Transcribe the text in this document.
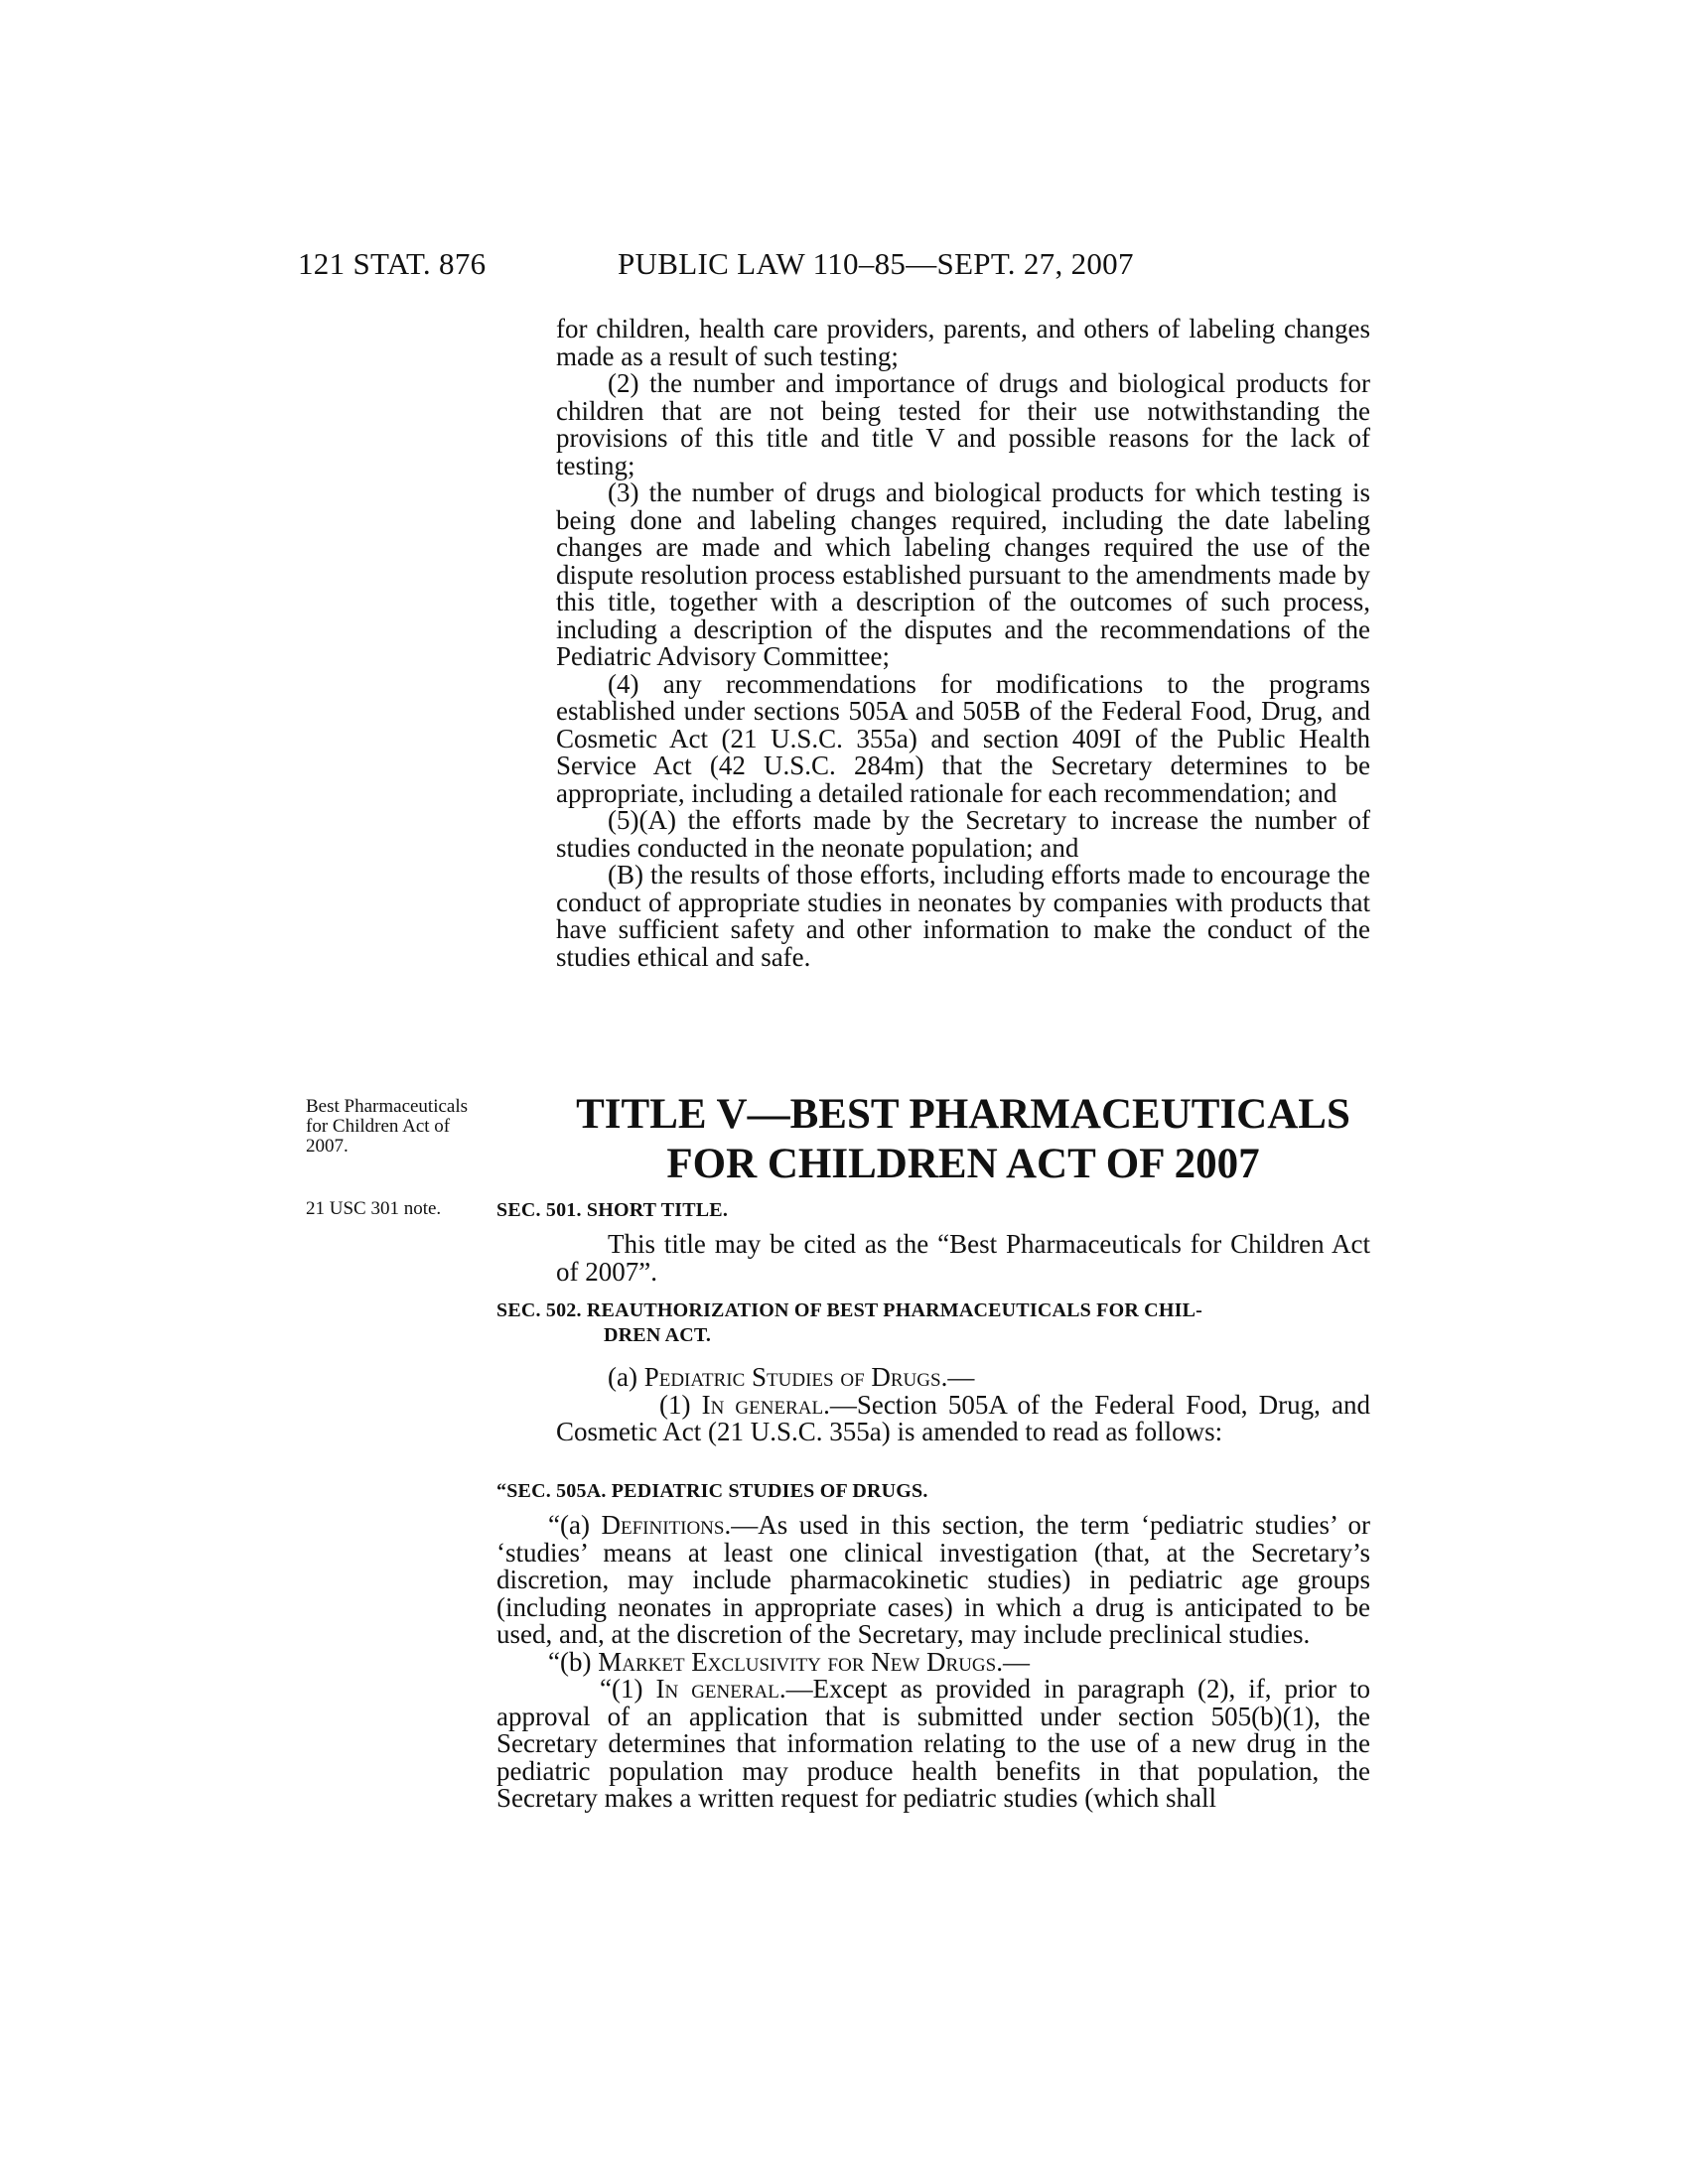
121 STAT. 876	PUBLIC LAW 110–85—SEPT. 27, 2007

for children, health care providers, parents, and others of labeling changes made as a result of such testing;

(2) the number and importance of drugs and biological products for children that are not being tested for their use notwithstanding the provisions of this title and title V and possible reasons for the lack of testing;

(3) the number of drugs and biological products for which testing is being done and labeling changes required, including the date labeling changes are made and which labeling changes required the use of the dispute resolution process established pursuant to the amendments made by this title, together with a description of the outcomes of such process, including a description of the disputes and the recommendations of the Pediatric Advisory Committee;

(4) any recommendations for modifications to the programs established under sections 505A and 505B of the Federal Food, Drug, and Cosmetic Act (21 U.S.C. 355a) and section 409I of the Public Health Service Act (42 U.S.C. 284m) that the Secretary determines to be appropriate, including a detailed rationale for each recommendation; and

(5)(A) the efforts made by the Secretary to increase the number of studies conducted in the neonate population; and

(B) the results of those efforts, including efforts made to encourage the conduct of appropriate studies in neonates by companies with products that have sufficient safety and other information to make the conduct of the studies ethical and safe.

Best Pharmaceuticals for Children Act of 2007.
21 USC 301 note.
TITLE V—BEST PHARMACEUTICALS
FOR CHILDREN ACT OF 2007
SEC. 501. SHORT TITLE.

This title may be cited as the “Best Pharmaceuticals for Children Act of 2007”.

SEC. 502. REAUTHORIZATION OF BEST PHARMACEUTICALS FOR CHIL-
DREN ACT.

(a) Pediatric Studies of Drugs.—

(1) In general.—Section 505A of the Federal Food, Drug, and Cosmetic Act (21 U.S.C. 355a) is amended to read as follows:

“SEC. 505A. PEDIATRIC STUDIES OF DRUGS.

“(a) Definitions.—As used in this section, the term ‘pediatric studies’ or ‘studies’ means at least one clinical investigation (that, at the Secretary’s discretion, may include pharmacokinetic studies) in pediatric age groups (including neonates in appropriate cases) in which a drug is anticipated to be used, and, at the discretion of the Secretary, may include preclinical studies.

“(b) Market Exclusivity for New Drugs.—

“(1) In general.—Except as provided in paragraph (2), if, prior to approval of an application that is submitted under section 505(b)(1), the Secretary determines that information relating to the use of a new drug in the pediatric population may produce health benefits in that population, the Secretary makes a written request for pediatric studies (which shall
